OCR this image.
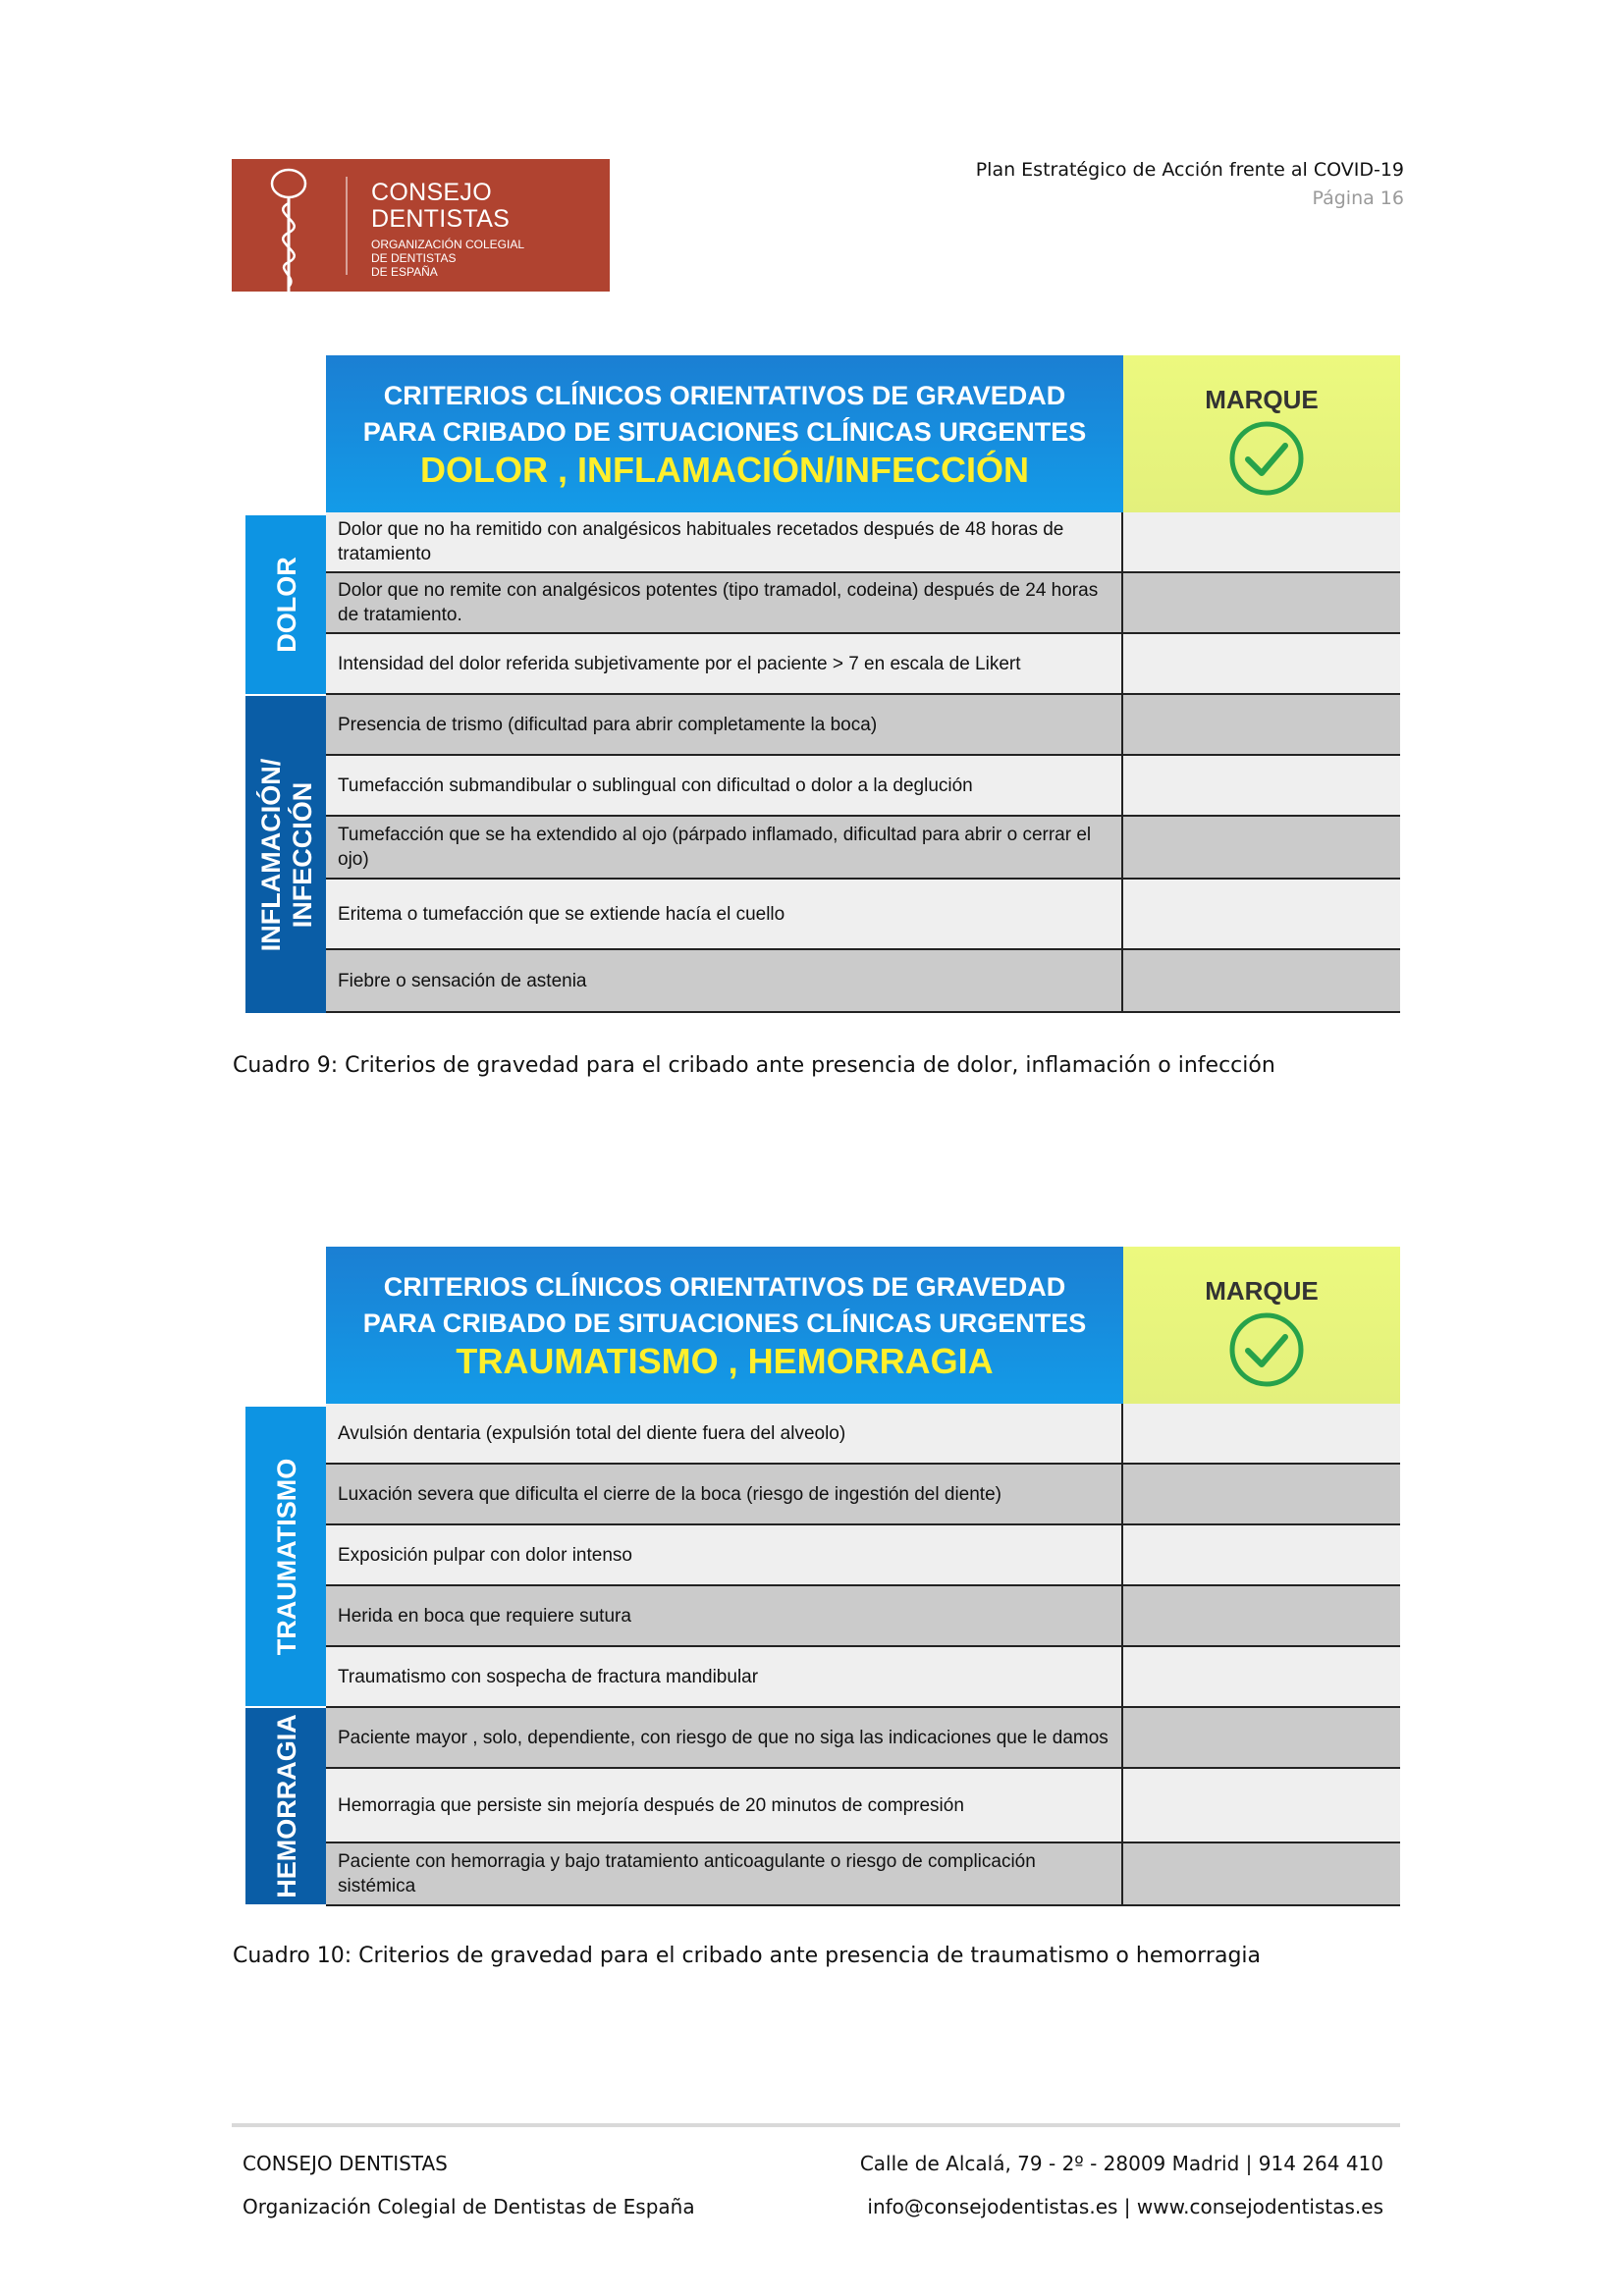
CONSEJO
DENTISTAS
ORGANIZACIÓN COLEGIAL
DE DENTISTAS
DE ESPAÑA
Plan Estratégico de Acción frente al COVID-19
Página 16
CRITERIOS CLÍNICOS ORIENTATIVOS DE GRAVEDAD
PARA CRIBADO DE SITUACIONES CLÍNICAS URGENTES
DOLOR , INFLAMACIÓN/INFECCIÓN
MARQUE
DOLOR
INFLAMACIÓN/
INFECCIÓN
Dolor que no ha remitido con analgésicos habituales recetados después de 48 horas de tratamiento
Dolor que no remite con analgésicos potentes (tipo tramadol, codeina) después de 24 horas de tratamiento.
Intensidad del dolor referida subjetivamente por el paciente > 7 en escala de Likert
Presencia de trismo (dificultad para abrir completamente la boca)
Tumefacción submandibular o sublingual con dificultad o dolor a la deglución
Tumefacción que se ha extendido al ojo (párpado inflamado, dificultad para abrir o cerrar el ojo)
Eritema o tumefacción que se extiende hacía el cuello
Fiebre o sensación de astenia
Cuadro 9: Criterios de gravedad para el cribado ante presencia de dolor, inflamación o infección
CRITERIOS CLÍNICOS ORIENTATIVOS DE GRAVEDAD
PARA CRIBADO DE SITUACIONES CLÍNICAS URGENTES
TRAUMATISMO , HEMORRAGIA
MARQUE
TRAUMATISMO
HEMORRAGIA
Avulsión dentaria (expulsión total del diente fuera del alveolo)
Luxación severa que dificulta el cierre de la boca (riesgo de ingestión del diente)
Exposición pulpar con dolor intenso
Herida en boca que requiere sutura
Traumatismo con sospecha de fractura mandibular
Paciente mayor , solo, dependiente, con riesgo de que no siga las indicaciones que le damos
Hemorragia que persiste sin mejoría después de 20 minutos de compresión
Paciente con hemorragia y bajo tratamiento anticoagulante o riesgo de complicación sistémica
Cuadro 10: Criterios de gravedad para el cribado ante presencia de traumatismo o hemorragia
CONSEJO DENTISTAS
Organización Colegial de Dentistas de España
Calle de Alcalá, 79 - 2º - 28009 Madrid | 914 264 410
info@consejodentistas.es | www.consejodentistas.es
